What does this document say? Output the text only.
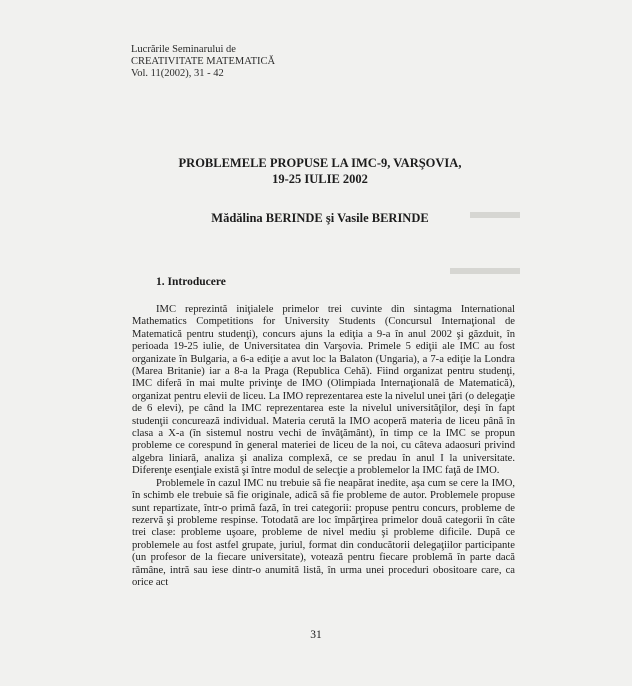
Lucrările Seminarului de
CREATIVITATE MATEMATICĂ
Vol. 11(2002), 31 - 42
PROBLEMELE PROPUSE LA IMC-9, VARŞOVIA,
19-25 IULIE 2002
Mădălina BERINDE şi Vasile BERINDE
1. Introducere

IMC reprezintă iniţialele primelor trei cuvinte din sintagma International Mathematics Competitions for University Students (Concursul Internaţional de Matematică pentru studenţi), concurs ajuns la ediţia a 9-a în anul 2002 şi găzduit, în perioada 19-25 iulie, de Universitatea din Varşovia. Primele 5 ediţii ale IMC au fost organizate în Bulgaria, a 6-a ediţie a avut loc la Balaton (Ungaria), a 7-a ediţie la Londra (Marea Britanie) iar a 8-a la Praga (Republica Cehă). Fiind organizat pentru studenţi, IMC diferă în mai multe privinţe de IMO (Olimpiada Internaţională de Matematică), organizat pentru elevii de liceu. La IMO reprezentarea este la nivelul unei ţări (o delegaţie de 6 elevi), pe când la IMC reprezentarea este la nivelul universităţilor, deşi în fapt studenţii concurează individual. Materia cerută la IMO acoperă materia de liceu până în clasa a X-a (în sistemul nostru vechi de învăţământ), în timp ce la IMC se propun probleme ce corespund în general materiei de liceu de la noi, cu câteva adaosuri privind algebra liniară, analiza şi analiza complexă, ce se predau în anul I la universitate. Diferenţe esenţiale există şi între modul de selecţie a problemelor la IMC faţă de IMO.

Problemele în cazul IMC nu trebuie să fie neapărat inedite, aşa cum se cere la IMO, în schimb ele trebuie să fie originale, adică să fie probleme de autor. Problemele propuse sunt repartizate, într-o primă fază, în trei categorii: propuse pentru concurs, probleme de rezervă şi probleme respinse. Totodată are loc împărţirea primelor două categorii în câte trei clase: probleme uşoare, probleme de nivel mediu şi probleme dificile. După ce problemele au fost astfel grupate, juriul, format din conducătorii delegaţiilor participante (un profesor de la fiecare universitate), votează pentru fiecare problemă în parte dacă rămâne, intră sau iese dintr-o anumită listă, în urma unei proceduri obositoare care, ca orice act

31
